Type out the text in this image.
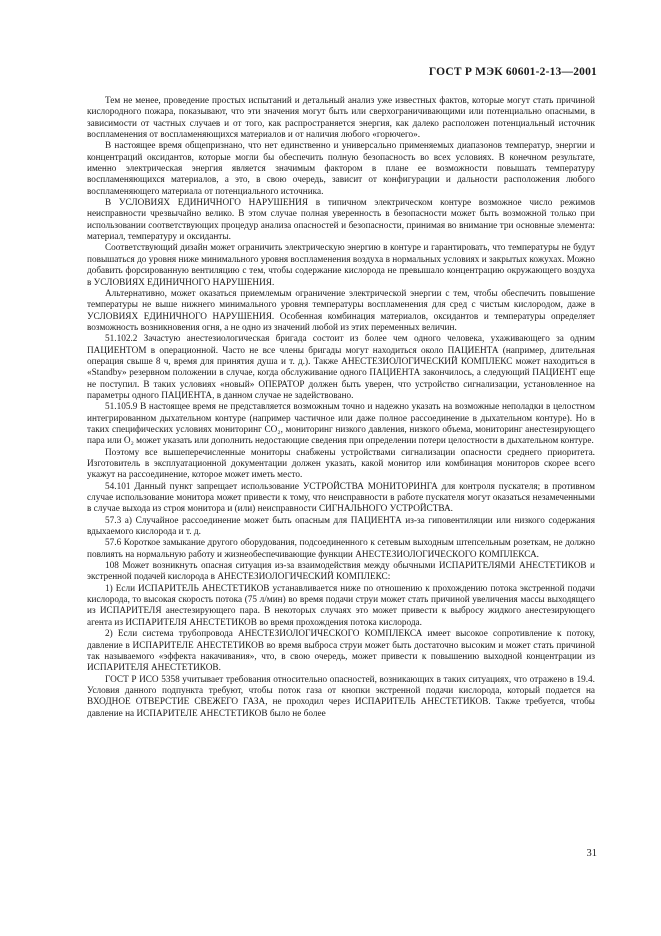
ГОСТ Р МЭК 60601-2-13—2001

Тем не менее, проведение простых испытаний и детальный анализ уже известных фактов, которые могут стать причиной кислородного пожара, показывают, что эти значения могут быть или сверхограничивающими или потенциально опасными, в зависимости от частных случаев и от того, как распространяется энергия, как далеко расположен потенциальный источник воспламенения от воспламеняющихся материалов и от наличия любого «горючего».

В настоящее время общепризнано, что нет единственно и универсально применяемых диапазонов температур, энергии и концентраций оксидантов, которые могли бы обеспечить полную безопасность во всех условиях. В конечном результате, именно электрическая энергия является значимым фактором в плане ее возможности повышать температуру воспламеняющихся материалов, а это, в свою очередь, зависит от конфигурации и дальности расположения любого воспламеняющего материала от потенциального источника.

В УСЛОВИЯХ ЕДИНИЧНОГО НАРУШЕНИЯ в типичном электрическом контуре возможное число режимов неисправности чрезвычайно велико. В этом случае полная уверенность в безопасности может быть возможной только при использовании соответствующих процедур анализа опасностей и безопасности, принимая во внимание три основные элемента: материал, температуру и оксиданты.

Соответствующий дизайн может ограничить электрическую энергию в контуре и гарантировать, что температуры не будут повышаться до уровня ниже минимального уровня воспламенения воздуха в нормальных условиях и закрытых кожухах. Можно добавить форсированную вентиляцию с тем, чтобы содержание кислорода не превышало концентрацию окружающего воздуха в УСЛОВИЯХ ЕДИНИЧНОГО НАРУШЕНИЯ.

Альтернативно, может оказаться приемлемым ограничение электрической энергии с тем, чтобы обеспечить повышение температуры не выше нижнего минимального уровня температуры воспламенения для сред с чистым кислородом, даже в УСЛОВИЯХ ЕДИНИЧНОГО НАРУШЕНИЯ. Особенная комбинация материалов, оксидантов и температуры определяет возможность возникновения огня, а не одно из значений любой из этих переменных величин.

51.102.2 Зачастую анестезиологическая бригада состоит из более чем одного человека, ухаживающего за одним ПАЦИЕНТОМ в операционной. Часто не все члены бригады могут находиться около ПАЦИЕНТА (например, длительная операция свыше 8 ч, время для принятия душа и т. д.). Также АНЕСТЕЗИОЛОГИЧЕСКИЙ КОМПЛЕКС может находиться в «Standby» резервном положении в случае, когда обслуживание одного ПАЦИЕНТА закончилось, а следующий ПАЦИЕНТ еще не поступил. В таких условиях «новый» ОПЕРАТОР должен быть уверен, что устройство сигнализации, установленное на параметры одного ПАЦИЕНТА, в данном случае не задействовано.

51.105.9 В настоящее время не представляется возможным точно и надежно указать на возможные неполадки в целостном интегрированном дыхательном контуре (например частичное или даже полное рассоединение в дыхательном контуре). Но в таких специфических условиях мониторинг CO₂, мониторинг низкого давления, низкого объема, мониторинг анестезирующего пара или O₂ может указать или дополнить недостающие сведения при определении потери целостности в дыхательном контуре.

Поэтому все вышеперечисленные мониторы снабжены устройствами сигнализации опасности среднего приоритета. Изготовитель в эксплуатационной документации должен указать, какой монитор или комбинация мониторов скорее всего укажут на рассоединение, которое может иметь место.

54.101 Данный пункт запрещает использование УСТРОЙСТВА МОНИТОРИНГА для контроля пускателя; в противном случае использование монитора может привести к тому, что неисправности в работе пускателя могут оказаться незамеченными в случае выхода из строя монитора и (или) неисправности СИГНАЛЬНОГО УСТРОЙСТВА.

57.3 а) Случайное рассоединение может быть опасным для ПАЦИЕНТА из-за гиповентиляции или низкого содержания вдыхаемого кислорода и т. д.

57.6 Короткое замыкание другого оборудования, подсоединенного к сетевым выходным штепсельным розеткам, не должно повлиять на нормальную работу и жизнеобеспечивающие функции АНЕСТЕЗИОЛОГИЧЕСКОГО КОМПЛЕКСА.

108 Может возникнуть опасная ситуация из-за взаимодействия между обычными ИСПАРИТЕЛЯМИ АНЕСТЕТИКОВ и экстренной подачей кислорода в АНЕСТЕЗИОЛОГИЧЕСКИЙ КОМПЛЕКС:

1) Если ИСПАРИТЕЛЬ АНЕСТЕТИКОВ устанавливается ниже по отношению к прохождению потока экстренной подачи кислорода, то высокая скорость потока (75 л/мин) во время подачи струи может стать причиной увеличения массы выходящего из ИСПАРИТЕЛЯ анестезирующего пара. В некоторых случаях это может привести к выбросу жидкого анестезирующего агента из ИСПАРИТЕЛЯ АНЕСТЕТИКОВ во время прохождения потока кислорода.

2) Если система трубопровода АНЕСТЕЗИОЛОГИЧЕСКОГО КОМПЛЕКСА имеет высокое сопротивление к потоку, давление в ИСПАРИТЕЛЕ АНЕСТЕТИКОВ во время выброса струи может быть достаточно высоким и может стать причиной так называемого «эффекта накачивания», что, в свою очередь, может привести к повышению выходной концентрации из ИСПАРИТЕЛЯ АНЕСТЕТИКОВ.

ГОСТ Р ИСО 5358 учитывает требования относительно опасностей, возникающих в таких ситуациях, что отражено в 19.4. Условия данного подпункта требуют, чтобы поток газа от кнопки экстренной подачи кислорода, который подается на ВХОДНОЕ ОТВЕРСТИЕ СВЕЖЕГО ГАЗА, не проходил через ИСПАРИТЕЛЬ АНЕСТЕТИКОВ. Также требуется, чтобы давление на ИСПАРИТЕЛЕ АНЕСТЕТИКОВ было не более

31
